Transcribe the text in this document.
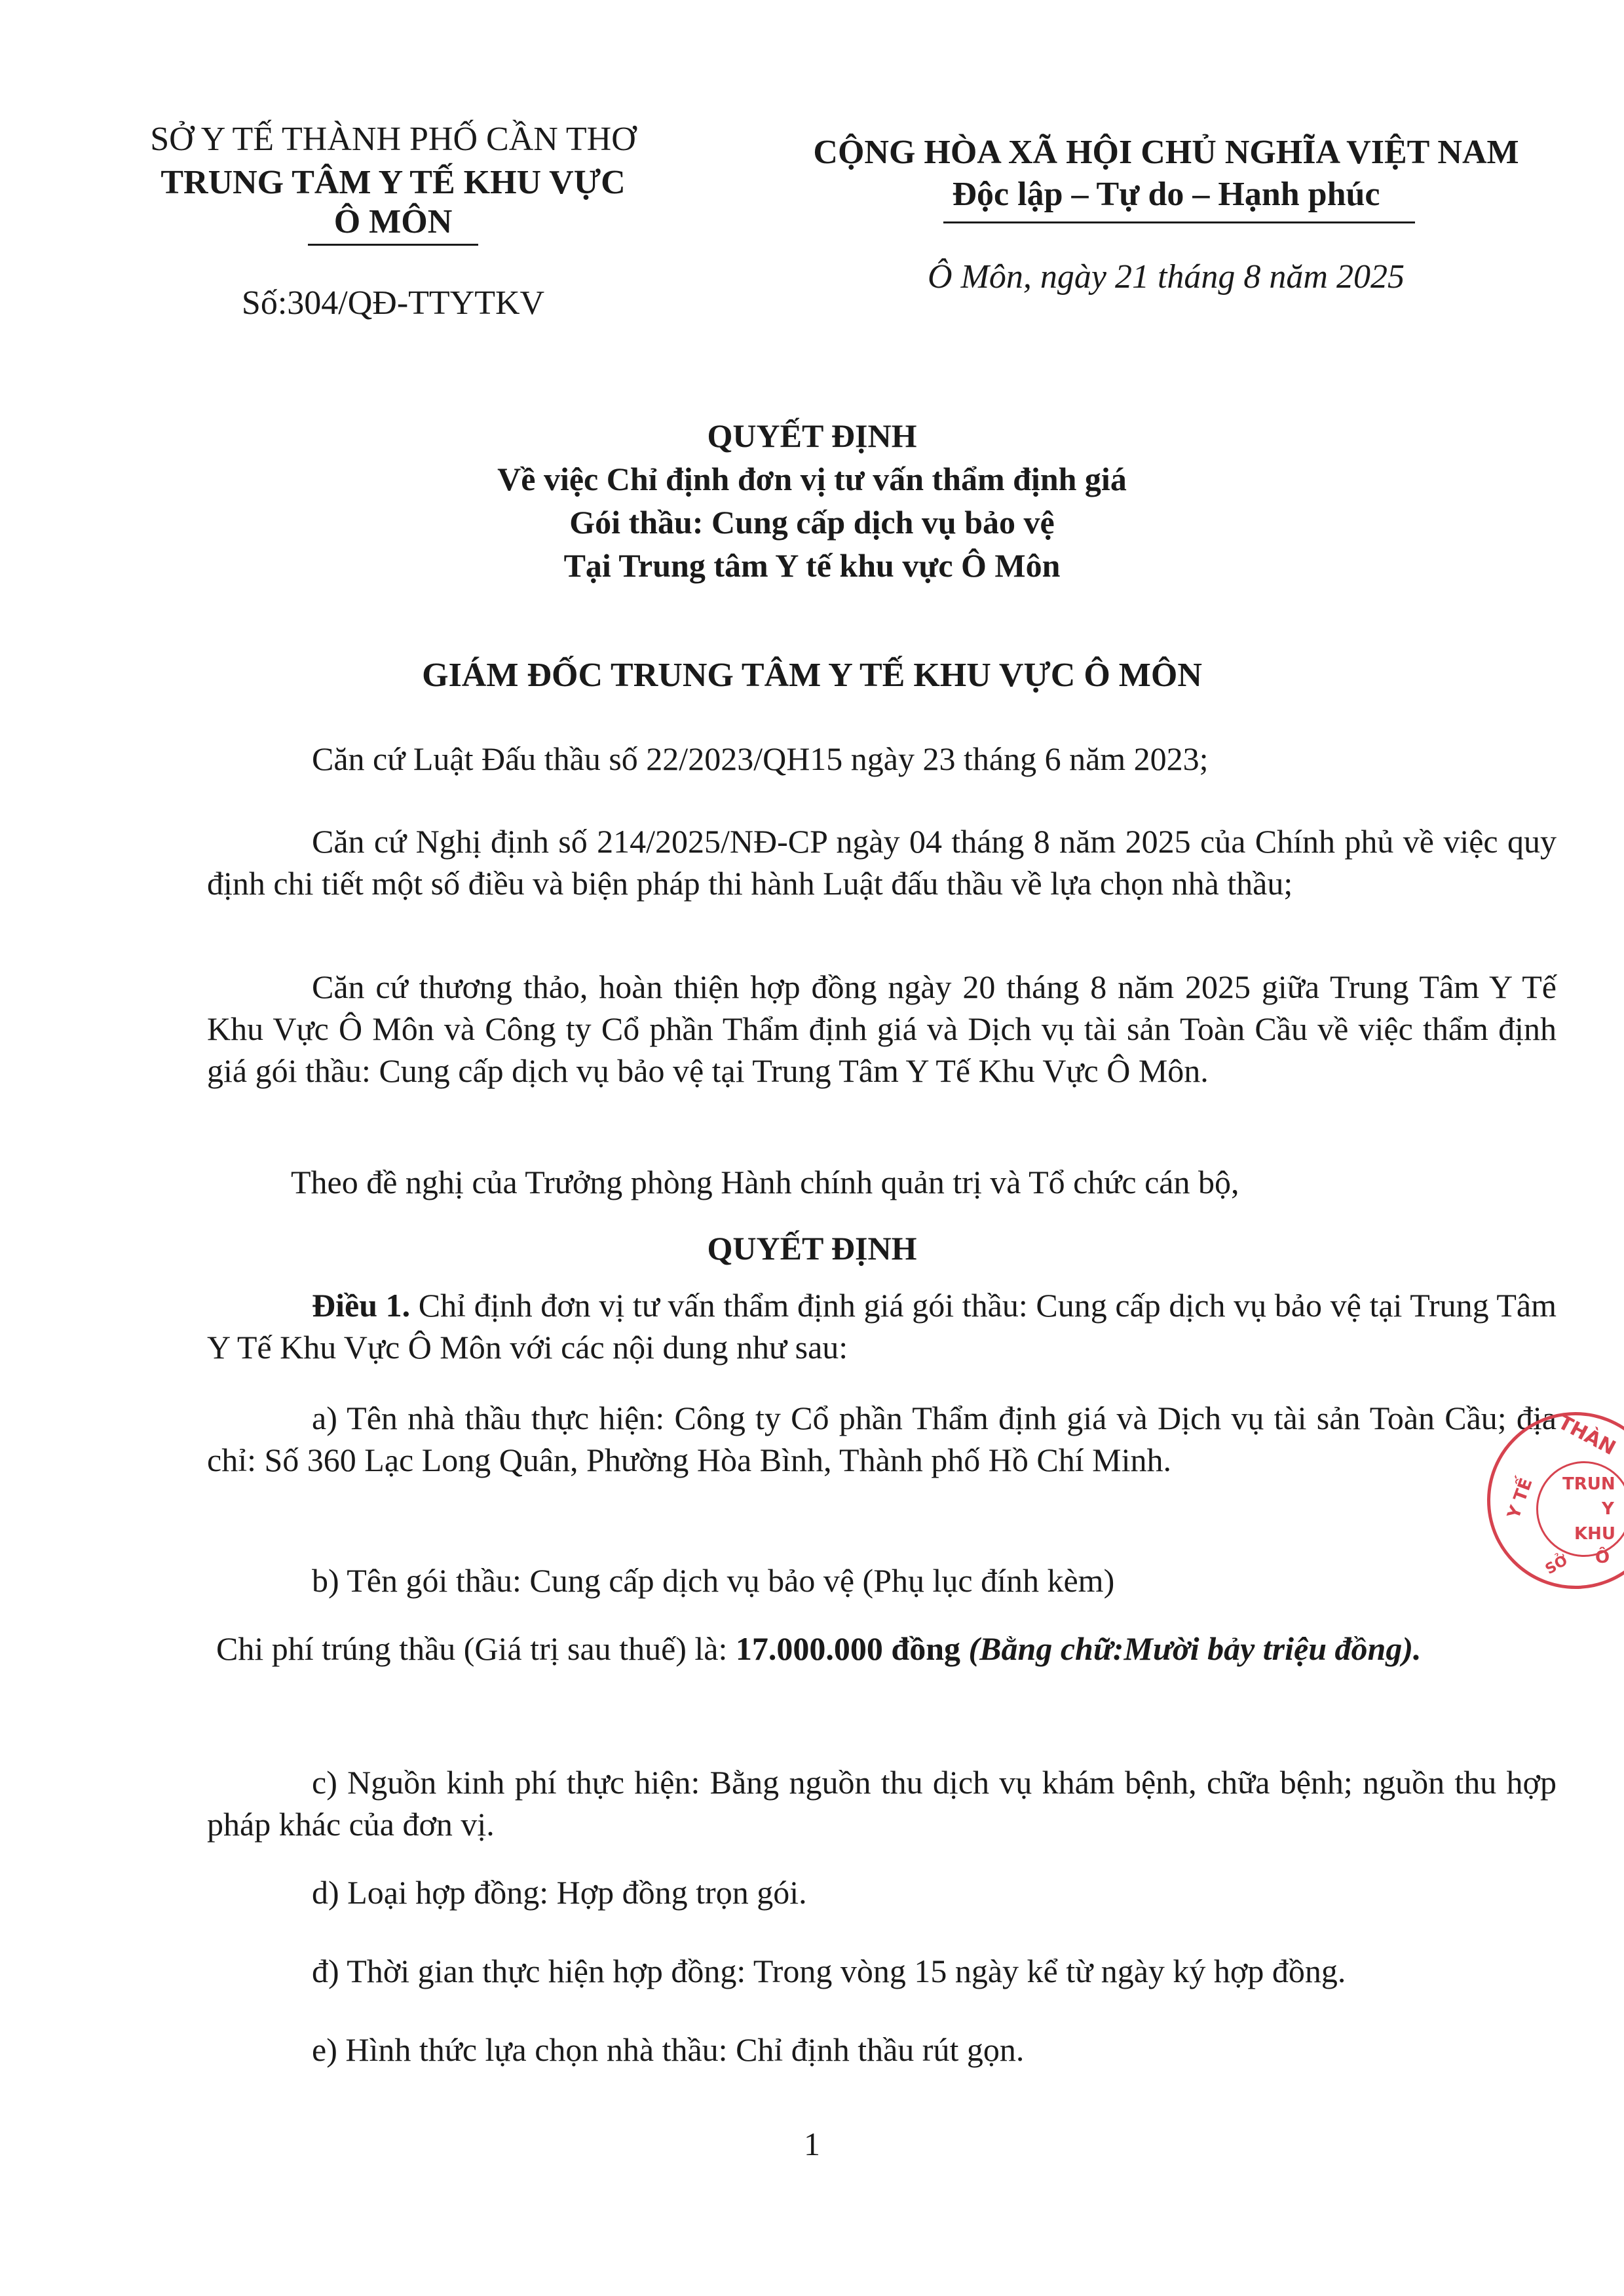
SỞ Y TẾ THÀNH PHỐ CẦN THƠ
TRUNG TÂM Y TẾ KHU VỰC
Ô MÔN
Số:304/QĐ-TTYTKV
CỘNG HÒA XÃ HỘI CHỦ NGHĨA VIỆT NAM
Độc lập – Tự do – Hạnh phúc
Ô Môn, ngày 21 tháng 8 năm 2025
QUYẾT ĐỊNH
Về việc Chỉ định đơn vị tư vấn thẩm định giá
Gói thầu: Cung cấp dịch vụ bảo vệ
Tại Trung tâm Y tế khu vực Ô Môn
GIÁM ĐỐC TRUNG TÂM Y TẾ KHU VỰC Ô MÔN
Căn cứ Luật Đấu thầu số 22/2023/QH15 ngày 23 tháng 6 năm 2023;
Căn cứ Nghị định số 214/2025/NĐ-CP ngày 04 tháng 8 năm 2025 của Chính phủ về việc quy định chi tiết một số điều và biện pháp thi hành Luật đấu thầu về lựa chọn nhà thầu;
Căn cứ thương thảo, hoàn thiện hợp đồng ngày 20 tháng 8 năm 2025 giữa Trung Tâm Y Tế Khu Vực Ô Môn và Công ty Cổ phần Thẩm định giá và Dịch vụ tài sản Toàn Cầu về việc thẩm định giá gói thầu: Cung cấp dịch vụ bảo vệ tại Trung Tâm Y Tế Khu Vực Ô Môn.
Theo đề nghị của Trưởng phòng Hành chính quản trị và Tổ chức cán bộ,
QUYẾT ĐỊNH
Điều 1. Chỉ định đơn vị tư vấn thẩm định giá gói thầu: Cung cấp dịch vụ bảo vệ tại Trung Tâm Y Tế Khu Vực Ô Môn với các nội dung như sau:
a) Tên nhà thầu thực hiện: Công ty Cổ phần Thẩm định giá và Dịch vụ tài sản Toàn Cầu; địa chỉ: Số 360 Lạc Long Quân, Phường Hòa Bình, Thành phố Hồ Chí Minh.
b) Tên gói thầu: Cung cấp dịch vụ bảo vệ (Phụ lục đính kèm)
Chi phí trúng thầu (Giá trị sau thuế) là: 17.000.000 đồng (Bằng chữ:Mười bảy triệu đồng).
c) Nguồn kinh phí thực hiện: Bằng nguồn thu dịch vụ khám bệnh, chữa bệnh; nguồn thu hợp pháp khác của đơn vị.
d) Loại hợp đồng: Hợp đồng trọn gói.
đ) Thời gian thực hiện hợp đồng: Trong vòng 15 ngày kể từ ngày ký hợp đồng.
e) Hình thức lựa chọn nhà thầu: Chỉ định thầu rút gọn.
1
THÀN
TRUN
Y
KHU
Ô
Y TẾ
SỞ
